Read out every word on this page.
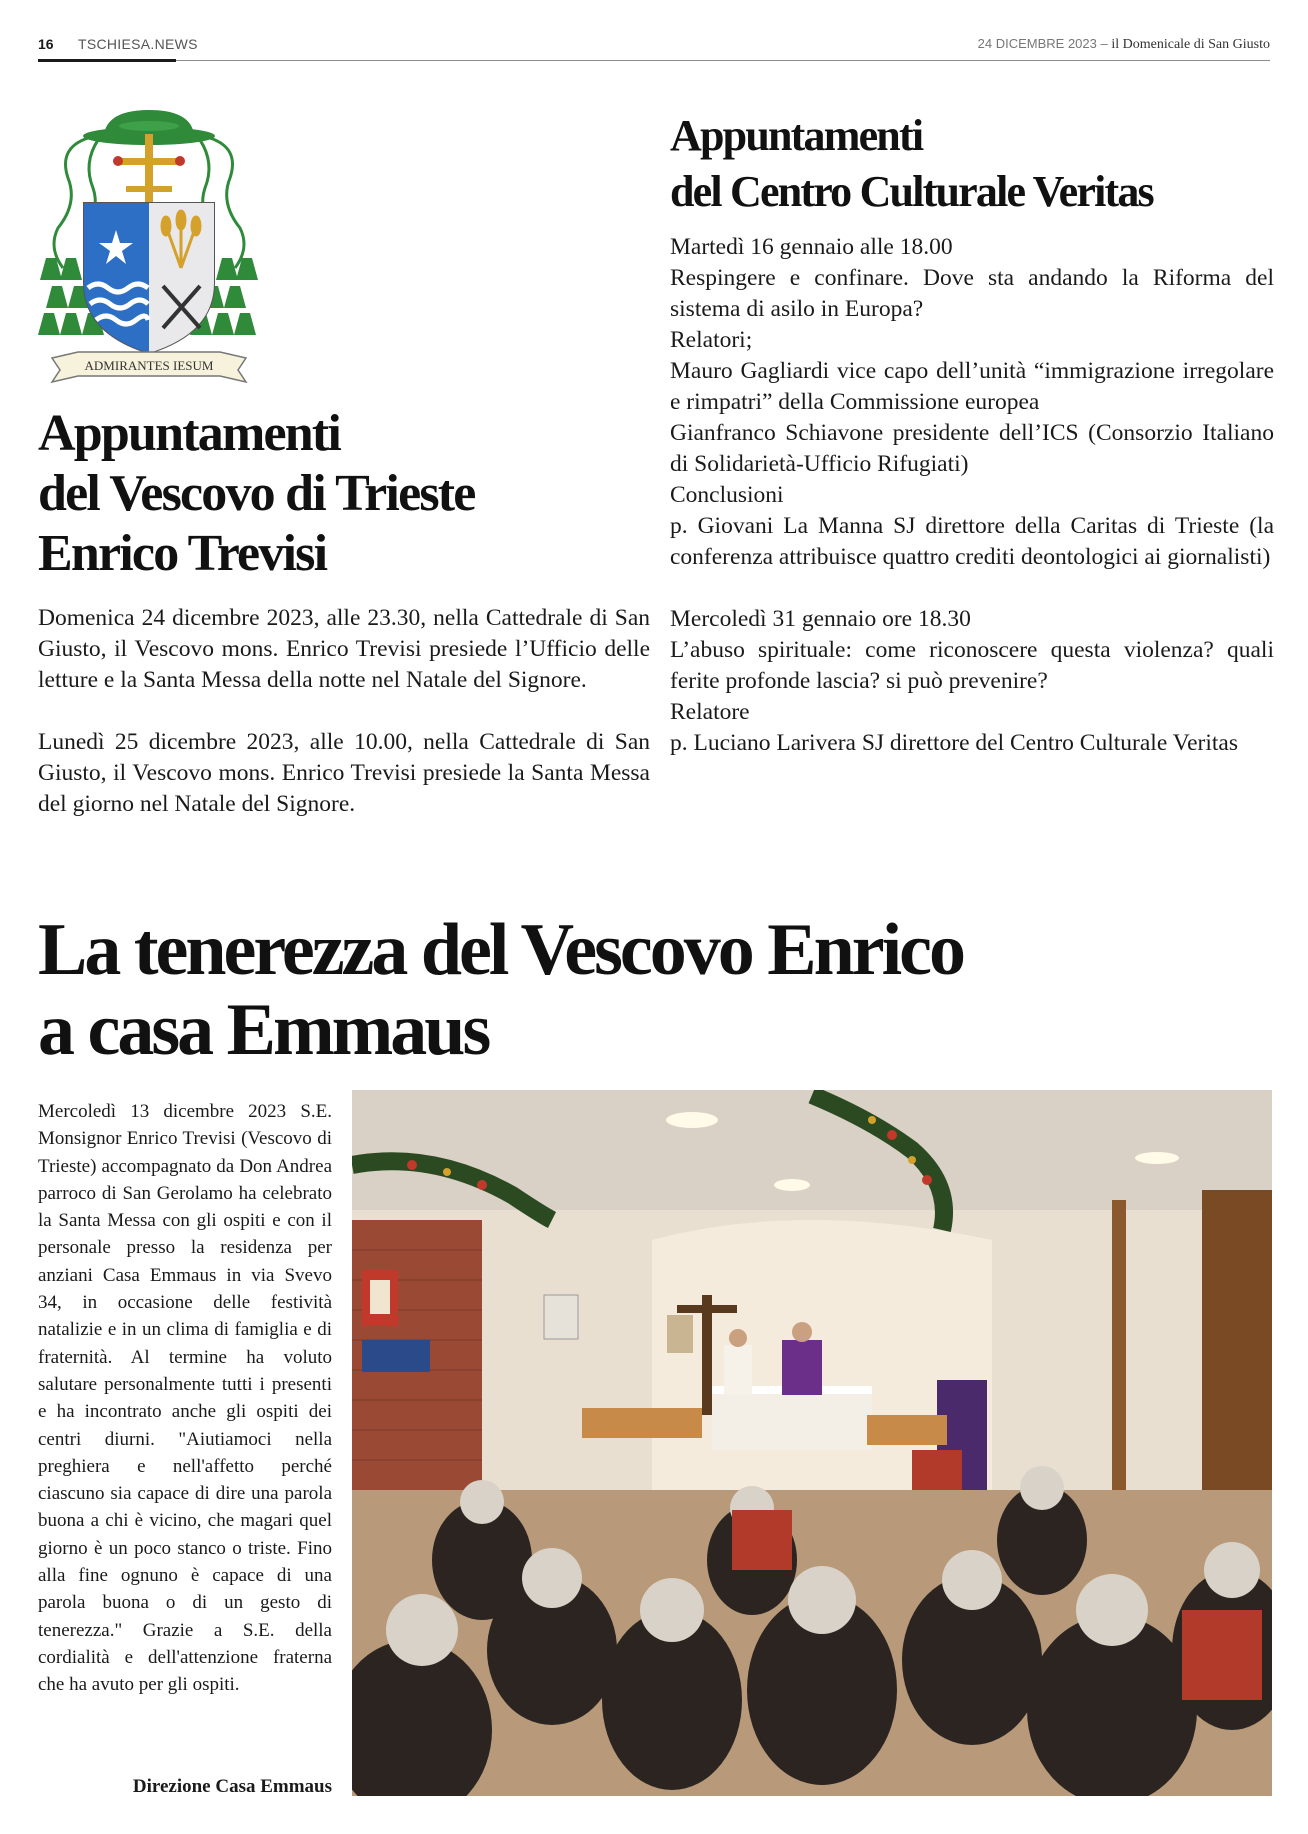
16 TSCHIESA.NEWS	24 DICEMBRE 2023 – il Domenicale di San Giusto
ADMIRANTES IESUM
Appuntamenti
del Vescovo di Trieste
Enrico Trevisi

Domenica 24 dicembre 2023, alle 23.30, nella Cattedrale di San Giusto, il Vescovo mons. Enrico Trevisi presiede l’Ufficio delle letture e la Santa Messa della notte nel Natale del Signore.

Lunedì 25 dicembre 2023, alle 10.00, nella Cattedrale di San Giusto, il Vescovo mons. Enrico Trevisi presiede la Santa Messa del giorno nel Natale del Signore.

Appuntamenti
del Centro Culturale Veritas
Martedì 16 gennaio alle 18.00
Respingere e confinare. Dove sta andando la Riforma del sistema di asilo in Europa?
Relatori;
Mauro Gagliardi vice capo dell’unità “immigrazione irregolare e rimpatri” della Commissione europea
Gianfranco Schiavone presidente dell’ICS (Consorzio Italiano di Solidarietà-Ufficio Rifugiati)
Conclusioni
p. Giovani La Manna SJ direttore della Caritas di Trieste (la conferenza attribuisce quattro crediti deontologici ai giornalisti)
Mercoledì 31 gennaio ore 18.30
L’abuso spirituale: come riconoscere questa violenza? quali ferite profonde lascia? si può prevenire?
Relatore
p. Luciano Larivera SJ direttore del Centro Culturale Veritas
La tenerezza del Vescovo Enrico
a casa Emmaus

Mercoledì 13 dicembre 2023 S.E. Monsignor Enrico Trevisi (Vescovo di Trieste) accompagnato da Don Andrea parroco di San Gerolamo ha celebrato la Santa Messa con gli ospiti e con il personale presso la residenza per anziani Casa Emmaus in via Svevo 34, in occasione delle festività natalizie e in un clima di famiglia e di fraternità. Al termine ha voluto salutare personalmente tutti i presenti e ha incontrato anche gli ospiti dei centri diurni. "Aiutiamoci nella preghiera e nell'affetto perché ciascuno sia capace di dire una parola buona a chi è vicino, che magari quel giorno è un poco stanco o triste. Fino alla fine ognuno è capace di una parola buona o di un gesto di tenerezza." Grazie a S.E. della cordialità e dell'attenzione fraterna che ha avuto per gli ospiti.

Direzione Casa Emmaus
